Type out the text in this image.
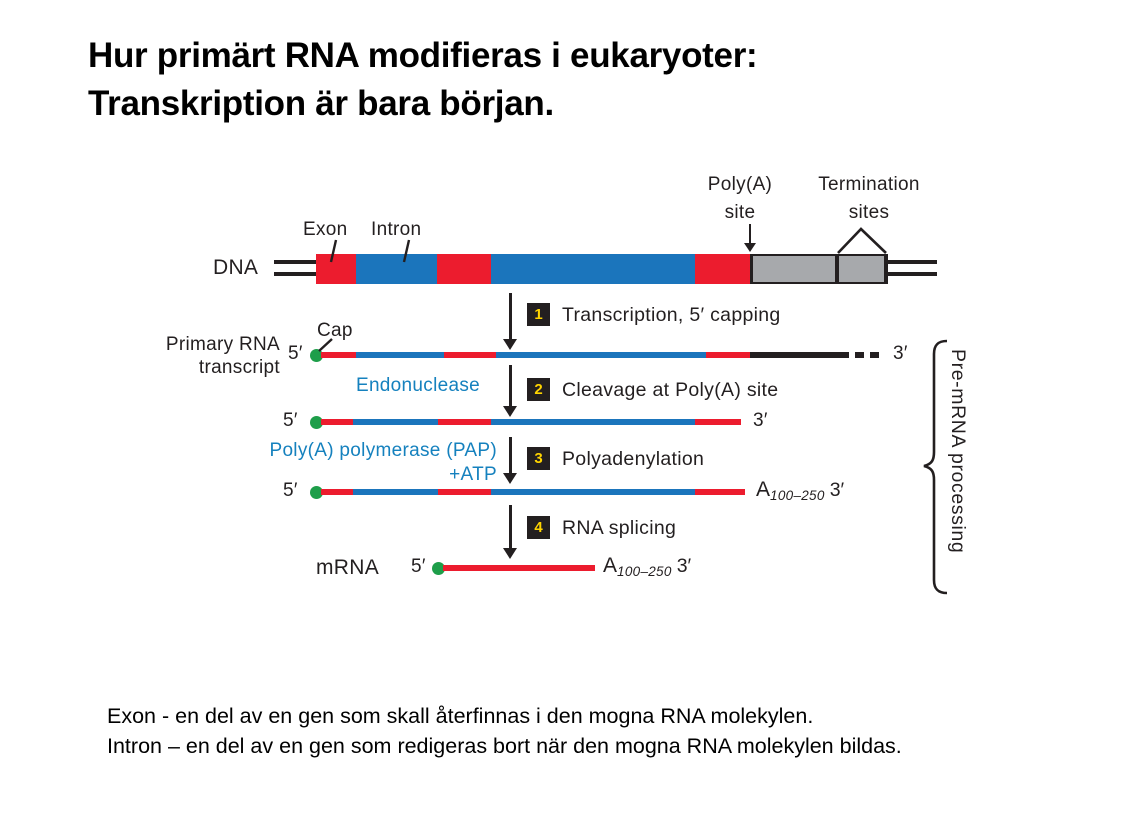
Hur primärt RNA modifieras i eukaryoter:
Transkription är bara början.
DNA
Exon Intron
Poly(A)
site
Termination
sites
Primary RNA
transcript
Cap
5′	3′
1 Transcription, 5′ capping
Endonuclease	2 Cleavage at Poly(A) site
5′	3′
Poly(A) polymerase (PAP)
+ATP
3 Polyadenylation
5′	$A_{100-250}$ 3′
4 RNA splicing
mRNA 5′	$A_{100-250}$ 3′
Pre-mRNA processing
Exon - en del av en gen som skall återfinnas i den mogna RNA molekylen.
Intron – en del av en gen som redigeras bort när den mogna RNA molekylen bildas.
